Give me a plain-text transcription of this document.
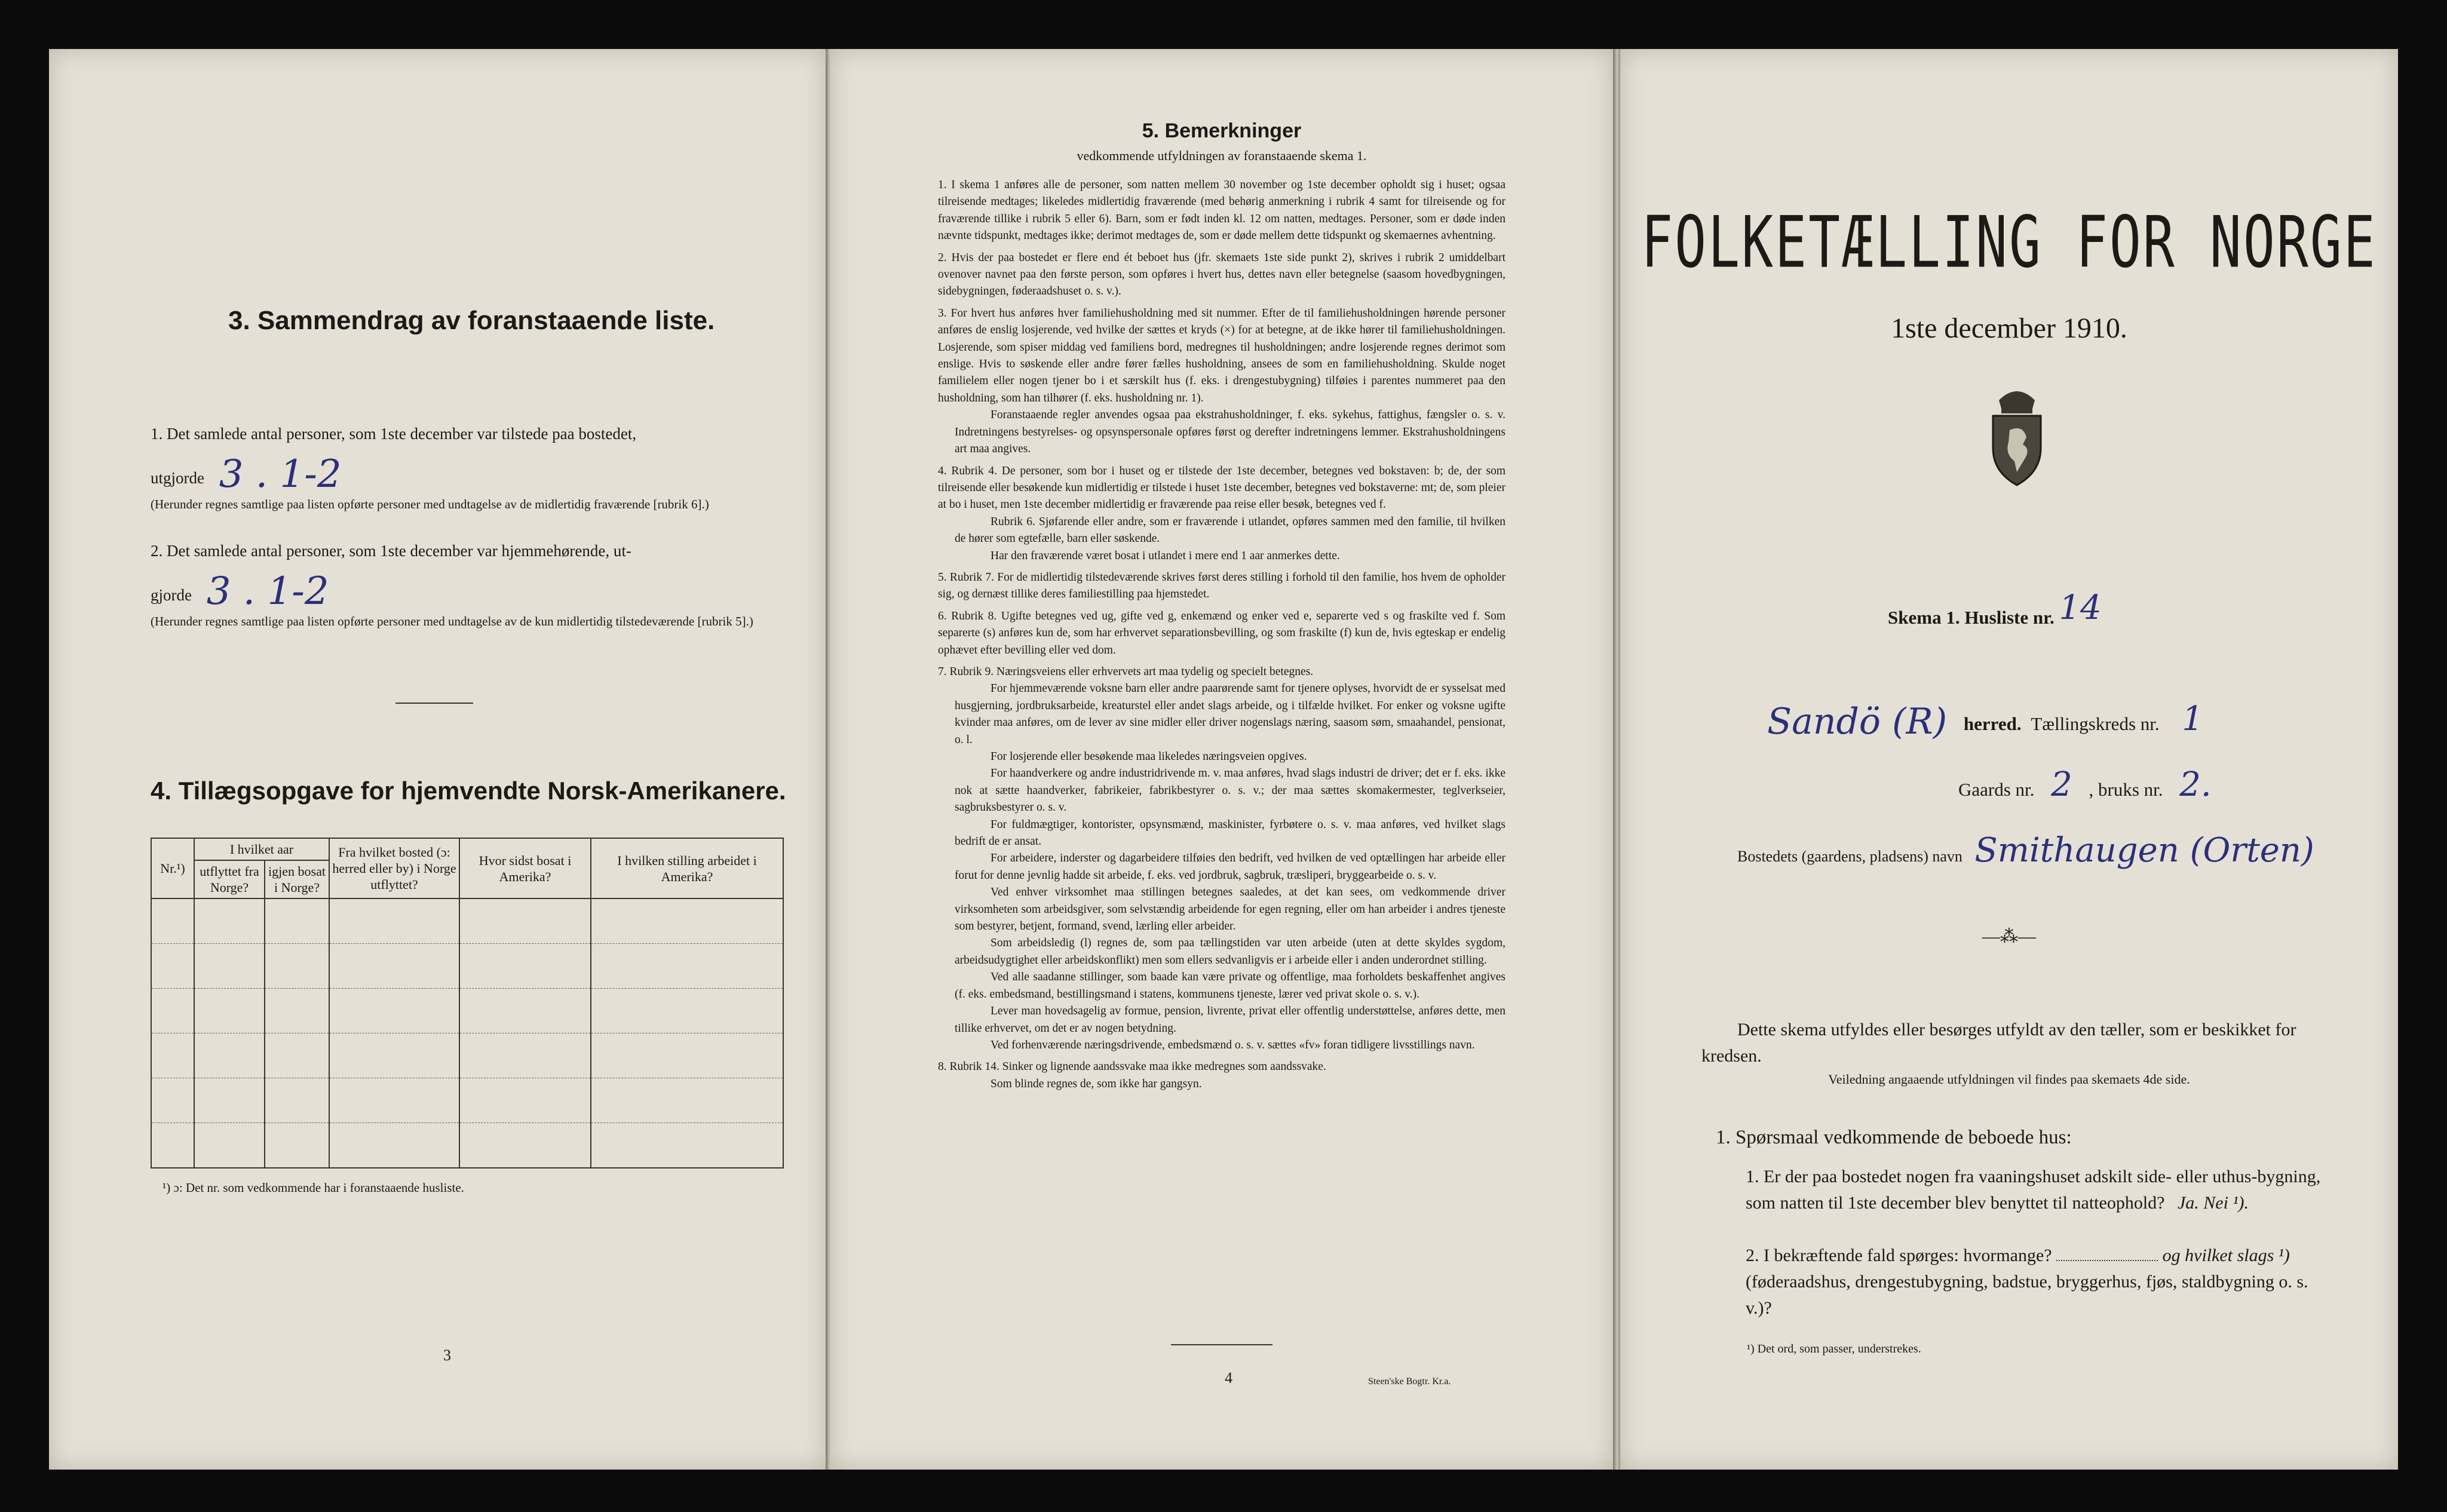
3. Sammendrag av foranstaaende liste.
1. Det samlede antal personer, som 1ste december var tilstede paa bostedet,
utgjorde 3 . 1-2
(Herunder regnes samtlige paa listen opførte personer med undtagelse av de midlertidig fraværende [rubrik 6].)
2. Det samlede antal personer, som 1ste december var hjemmehørende, ut-
gjorde 3 . 1-2
(Herunder regnes samtlige paa listen opførte personer med undtagelse av de kun midlertidig tilstedeværende [rubrik 5].)
4. Tillægsopgave for hjemvendte Norsk-Amerikanere.
Nr.¹)	I hvilket aar		Fra hvilket bosted (ɔ: herred eller by) i Norge utflyttet?	Hvor sidst bosat i Amerika?	I hvilken stilling arbeidet i Amerika?
	utflyttet fra Norge?	igjen bosat i Norge?			

¹) ɔ: Det nr. som vedkommende har i foranstaaende husliste.
3
5. Bemerkninger
vedkommende utfyldningen av foranstaaende skema 1.

1. I skema 1 anføres alle de personer, som natten mellem 30 november og 1ste december opholdt sig i huset; ogsaa tilreisende medtages; likeledes midlertidig fraværende (med behørig anmerkning i rubrik 4 samt for tilreisende og for fraværende tillike i rubrik 5 eller 6). Barn, som er født inden kl. 12 om natten, medtages. Personer, som er døde inden nævnte tidspunkt, medtages ikke; derimot medtages de, som er døde mellem dette tidspunkt og skemaernes avhentning.

2. Hvis der paa bostedet er flere end ét beboet hus (jfr. skemaets 1ste side punkt 2), skrives i rubrik 2 umiddelbart ovenover navnet paa den første person, som opføres i hvert hus, dettes navn eller betegnelse (saasom hovedbygningen, sidebygningen, føderaadshuset o. s. v.).

3. For hvert hus anføres hver familiehusholdning med sit nummer. Efter de til familiehusholdningen hørende personer anføres de enslig losjerende, ved hvilke der sættes et kryds (×) for at betegne, at de ikke hører til familiehusholdningen. Losjerende, som spiser middag ved familiens bord, medregnes til husholdningen; andre losjerende regnes derimot som enslige. Hvis to søskende eller andre fører fælles husholdning, ansees de som en familiehusholdning. Skulde noget familielem eller nogen tjener bo i et særskilt hus (f. eks. i drengestubygning) tilføies i parentes nummeret paa den husholdning, som han tilhører (f. eks. husholdning nr. 1).

Foranstaaende regler anvendes ogsaa paa ekstrahusholdninger, f. eks. sykehus, fattighus, fængsler o. s. v. Indretningens bestyrelses- og opsynspersonale opføres først og derefter indretningens lemmer. Ekstrahusholdningens art maa angives.

4. Rubrik 4. De personer, som bor i huset og er tilstede der 1ste december, betegnes ved bokstaven: b; de, der som tilreisende eller besøkende kun midlertidig er tilstede i huset 1ste december, betegnes ved bokstaverne: mt; de, som pleier at bo i huset, men 1ste december midlertidig er fraværende paa reise eller besøk, betegnes ved f.

Rubrik 6. Sjøfarende eller andre, som er fraværende i utlandet, opføres sammen med den familie, til hvilken de hører som egtefælle, barn eller søskende.

Har den fraværende været bosat i utlandet i mere end 1 aar anmerkes dette.

5. Rubrik 7. For de midlertidig tilstedeværende skrives først deres stilling i forhold til den familie, hos hvem de opholder sig, og dernæst tillike deres familiestilling paa hjemstedet.

6. Rubrik 8. Ugifte betegnes ved ug, gifte ved g, enkemænd og enker ved e, separerte ved s og fraskilte ved f. Som separerte (s) anføres kun de, som har erhvervet separationsbevilling, og som fraskilte (f) kun de, hvis egteskap er endelig ophævet efter bevilling eller ved dom.

7. Rubrik 9. Næringsveiens eller erhvervets art maa tydelig og specielt betegnes.

For hjemmeværende voksne barn eller andre paarørende samt for tjenere oplyses, hvorvidt de er sysselsat med husgjerning, jordbruksarbeide, kreaturstel eller andet slags arbeide, og i tilfælde hvilket. For enker og voksne ugifte kvinder maa anføres, om de lever av sine midler eller driver nogenslags næring, saasom søm, smaahandel, pensionat, o. l.

For losjerende eller besøkende maa likeledes næringsveien opgives.

For haandverkere og andre industridrivende m. v. maa anføres, hvad slags industri de driver; det er f. eks. ikke nok at sætte haandverker, fabrikeier, fabrikbestyrer o. s. v.; der maa sættes skomakermester, teglverkseier, sagbruksbestyrer o. s. v.

For fuldmægtiger, kontorister, opsynsmænd, maskinister, fyrbøtere o. s. v. maa anføres, ved hvilket slags bedrift de er ansat.

For arbeidere, inderster og dagarbeidere tilføies den bedrift, ved hvilken de ved optællingen har arbeide eller forut for denne jevnlig hadde sit arbeide, f. eks. ved jordbruk, sagbruk, træsliperi, bryggearbeide o. s. v.

Ved enhver virksomhet maa stillingen betegnes saaledes, at det kan sees, om vedkommende driver virksomheten som arbeidsgiver, som selvstændig arbeidende for egen regning, eller om han arbeider i andres tjeneste som bestyrer, betjent, formand, svend, lærling eller arbeider.

Som arbeidsledig (l) regnes de, som paa tællingstiden var uten arbeide (uten at dette skyldes sygdom, arbeidsudygtighet eller arbeidskonflikt) men som ellers sedvanligvis er i arbeide eller i anden underordnet stilling.

Ved alle saadanne stillinger, som baade kan være private og offentlige, maa forholdets beskaffenhet angives (f. eks. embedsmand, bestillingsmand i statens, kommunens tjeneste, lærer ved privat skole o. s. v.).

Lever man hovedsagelig av formue, pension, livrente, privat eller offentlig understøttelse, anføres dette, men tillike erhvervet, om det er av nogen betydning.

Ved forhenværende næringsdrivende, embedsmænd o. s. v. sættes «fv» foran tidligere livsstillings navn.

8. Rubrik 14. Sinker og lignende aandssvake maa ikke medregnes som aandssvake.

Som blinde regnes de, som ikke har gangsyn.

4	Steen'ske Bogtr. Kr.a.
FOLKETÆLLING FOR NORGE
1ste december 1910.
Skema 1. Husliste nr. 14
Sandö (R) herred. Tællingskreds nr. 1
Gaards nr. 2 , bruks nr. 2.
Bostedets (gaardens, pladsens) navn Smithaugen (Orten)
—⁂—
Dette skema utfyldes eller besørges utfyldt av den tæller, som er beskikket for kredsen.
Veiledning angaaende utfyldningen vil findes paa skemaets 4de side.
1. Spørsmaal vedkommende de beboede hus:
1. Er der paa bostedet nogen fra vaaningshuset adskilt side- eller uthus-bygning, som natten til 1ste december blev benyttet til natteophold? Ja. Nei ¹).
2. I bekræftende fald spørges: hvormange?	og hvilket slags ¹)
(føderaadshus, drengestubygning, badstue, bryggerhus, fjøs, staldbygning o. s. v.)?
¹) Det ord, som passer, understrekes.
